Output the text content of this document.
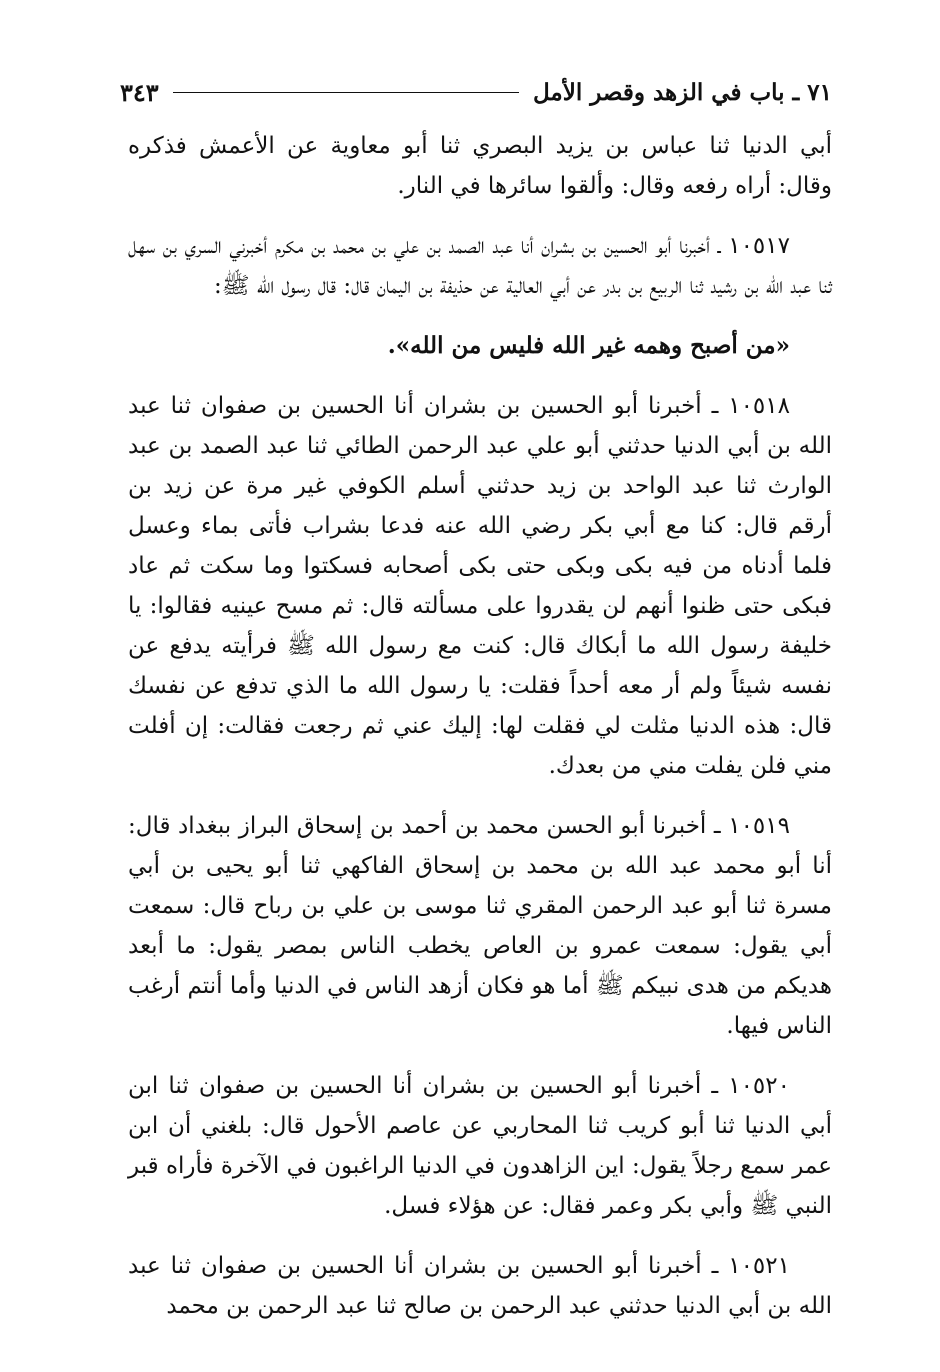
٧١ ـ باب في الزهد وقصر الأمل
٣٤٣

أبي الدنيا ثنا عباس بن يزيد البصري ثنا أبو معاوية عن الأعمش فذكره وقال: أراه رفعه وقال: وألقوا سائرها في النار.

١٠٥١٧ ـ أخبرنا أبو الحسين بن بشران أنا عبد الصمد بن علي بن محمد بن مكرم أخبرني السري بن سهل ثنا عبد الله بن رشيد ثنا الربيع بن بدر عن أبي العالية عن حذيفة بن اليمان قال: قال رسول الله ﷺ:

«من أصبح وهمه غير الله فليس من الله».

١٠٥١٨ ـ أخبرنا أبو الحسين بن بشران أنا الحسين بن صفوان ثنا عبد الله بن أبي الدنيا حدثني أبو علي عبد الرحمن الطائي ثنا عبد الصمد بن عبد الوارث ثنا عبد الواحد بن زيد حدثني أسلم الكوفي غير مرة عن زيد بن أرقم قال: كنا مع أبي بكر رضي الله عنه فدعا بشراب فأتى بماء وعسل فلما أدناه من فيه بكى وبكى حتى بكى أصحابه فسكتوا وما سكت ثم عاد فبكى حتى ظنوا أنهم لن يقدروا على مسألته قال: ثم مسح عينيه فقالوا: يا خليفة رسول الله ما أبكاك قال: كنت مع رسول الله ﷺ فرأيته يدفع عن نفسه شيئاً ولم أر معه أحداً فقلت: يا رسول الله ما الذي تدفع عن نفسك قال: هذه الدنيا مثلت لي فقلت لها: إليك عني ثم رجعت فقالت: إن أفلت مني فلن يفلت مني من بعدك.

١٠٥١٩ ـ أخبرنا أبو الحسن محمد بن أحمد بن إسحاق البراز ببغداد قال: أنا أبو محمد عبد الله بن محمد بن إسحاق الفاكهي ثنا أبو يحيى بن أبي مسرة ثنا أبو عبد الرحمن المقري ثنا موسى بن علي بن رباح قال: سمعت أبي يقول: سمعت عمرو بن العاص يخطب الناس بمصر يقول: ما أبعد هديكم من هدى نبيكم ﷺ أما هو فكان أزهد الناس في الدنيا وأما أنتم أرغب الناس فيها.

١٠٥٢٠ ـ أخبرنا أبو الحسين بن بشران أنا الحسين بن صفوان ثنا ابن أبي الدنيا ثنا أبو كريب ثنا المحاربي عن عاصم الأحول قال: بلغني أن ابن عمر سمع رجلاً يقول: اين الزاهدون في الدنيا الراغبون في الآخرة فأراه قبر النبي ﷺ وأبي بكر وعمر فقال: عن هؤلاء فسل.

١٠٥٢١ ـ أخبرنا أبو الحسين بن بشران أنا الحسين بن صفوان ثنا عبد الله بن أبي الدنيا حدثني عبد الرحمن بن صالح ثنا عبد الرحمن بن محمد
